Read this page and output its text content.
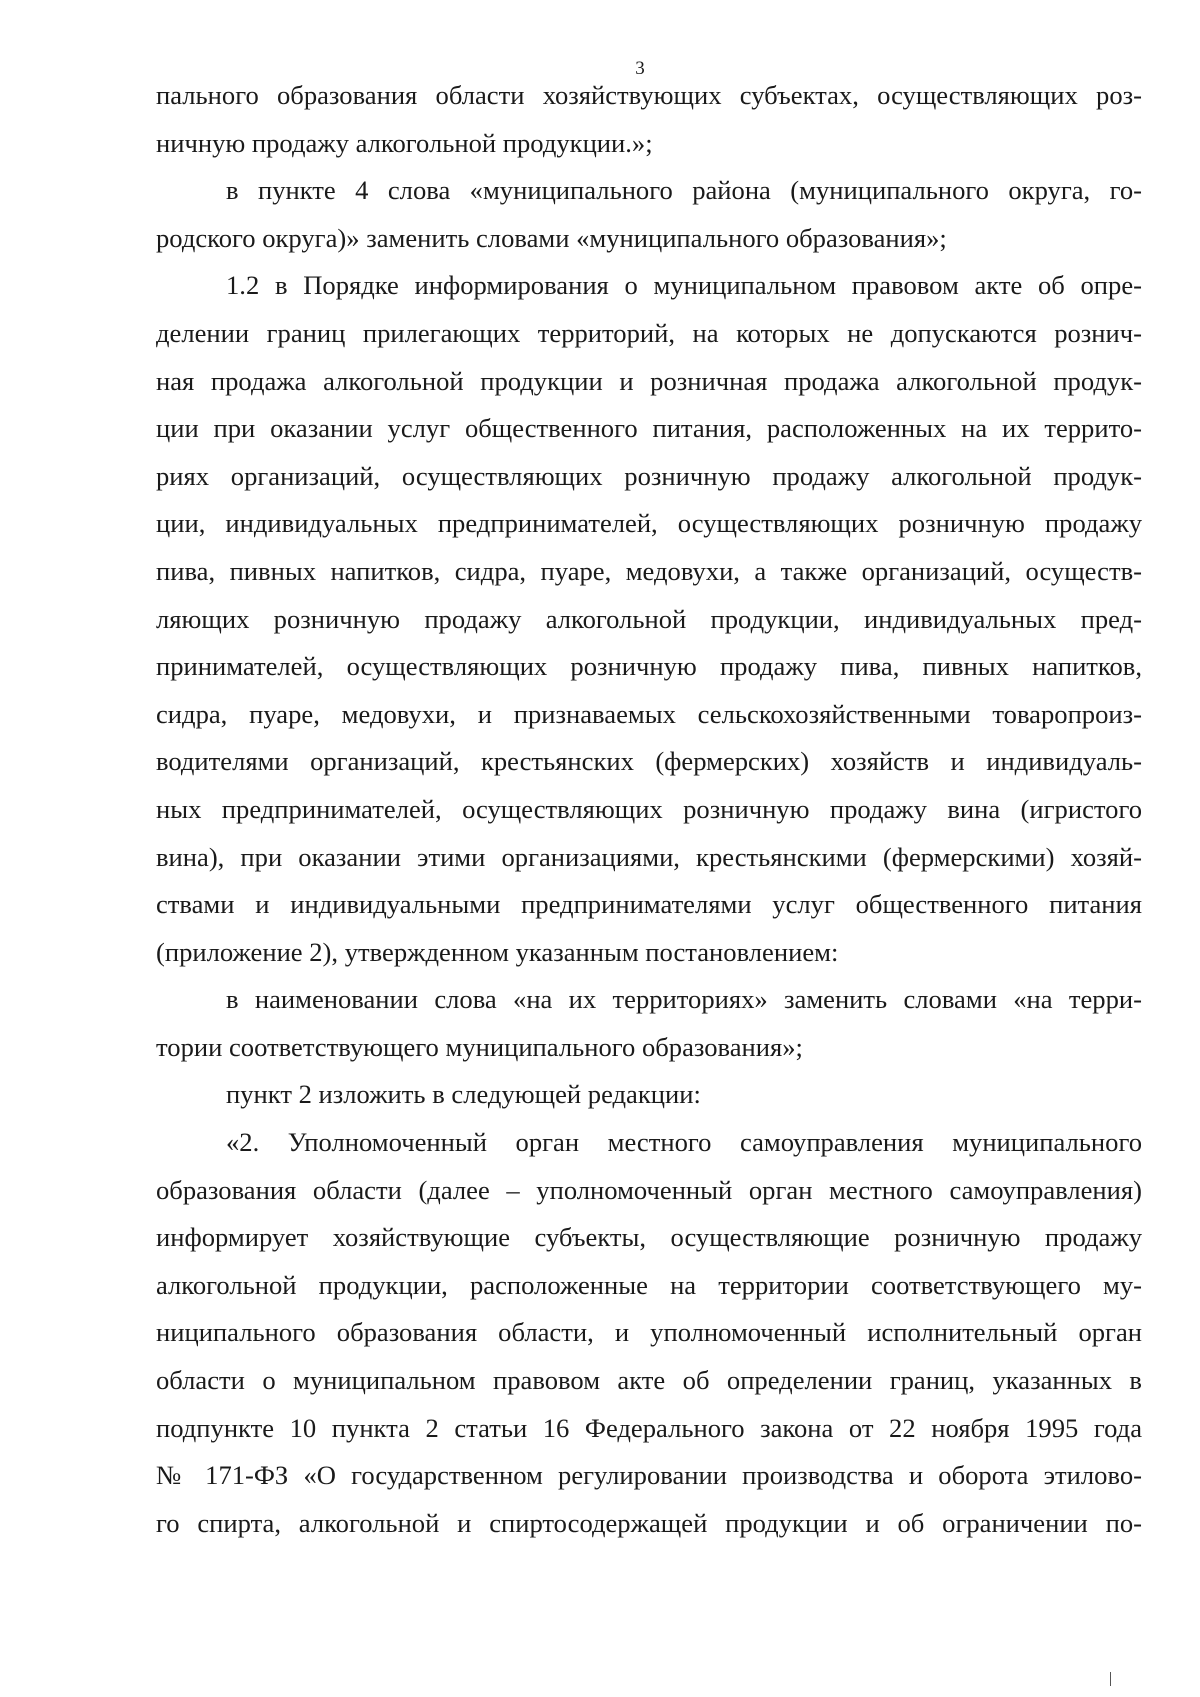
3
пального образования области хозяйствующих субъектах, осуществляющих роз-
ничную продажу алкогольной продукции.»;
в пункте 4 слова «муниципального района (муниципального округа, го-
родского округа)» заменить словами «муниципального образования»;
1.2 в Порядке информирования о муниципальном правовом акте об опре-
делении границ прилегающих территорий, на которых не допускаются рознич-
ная продажа алкогольной продукции и розничная продажа алкогольной продук-
ции при оказании услуг общественного питания, расположенных на их террито-
риях организаций, осуществляющих розничную продажу алкогольной продук-
ции, индивидуальных предпринимателей, осуществляющих розничную продажу
пива, пивных напитков, сидра, пуаре, медовухи, а также организаций, осуществ-
ляющих розничную продажу алкогольной продукции, индивидуальных пред-
принимателей, осуществляющих розничную продажу пива, пивных напитков,
сидра, пуаре, медовухи, и признаваемых сельскохозяйственными товаропроиз-
водителями организаций, крестьянских (фермерских) хозяйств и индивидуаль-
ных предпринимателей, осуществляющих розничную продажу вина (игристого
вина), при оказании этими организациями, крестьянскими (фермерскими) хозяй-
ствами и индивидуальными предпринимателями услуг общественного питания
(приложение 2), утвержденном указанным постановлением:
в наименовании слова «на их территориях» заменить словами «на терри-
тории соответствующего муниципального образования»;
пункт 2 изложить в следующей редакции:
«2. Уполномоченный орган местного самоуправления муниципального
образования области (далее – уполномоченный орган местного самоуправления)
информирует хозяйствующие субъекты, осуществляющие розничную продажу
алкогольной продукции, расположенные на территории соответствующего му-
ниципального образования области, и уполномоченный исполнительный орган
области о муниципальном правовом акте об определении границ, указанных в
подпункте 10 пункта 2 статьи 16 Федерального закона от 22 ноября 1995 года
№ 171-ФЗ «О государственном регулировании производства и оборота этилово-
го спирта, алкогольной и спиртосодержащей продукции и об ограничении по-
